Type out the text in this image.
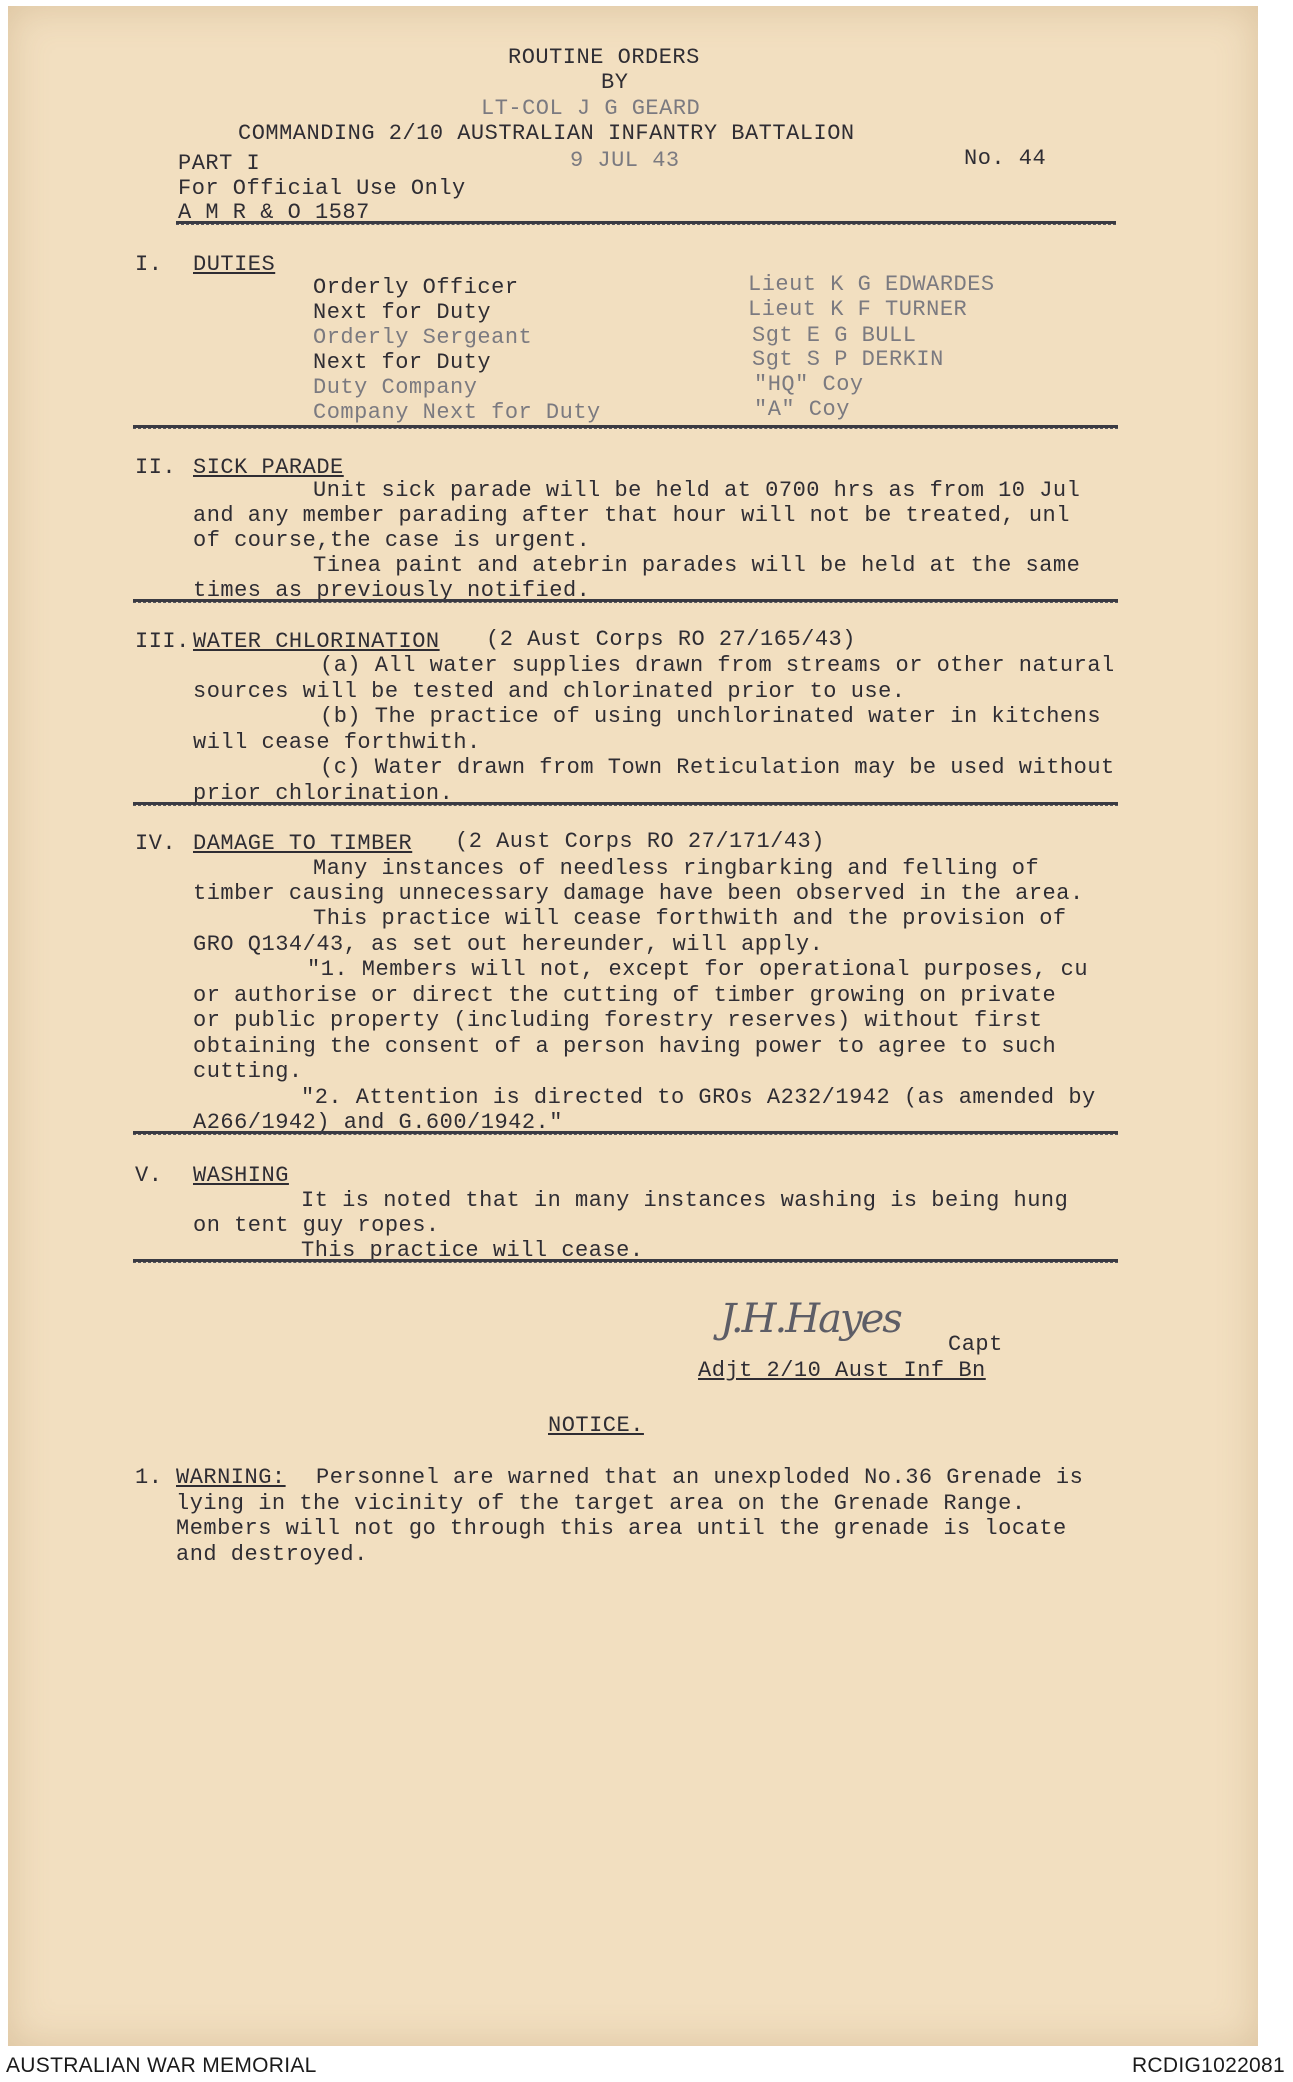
ROUTINE ORDERS
BY
LT-COL J G GEARD
COMMANDING 2/10 AUSTRALIAN INFANTRY BATTALION
PART I	9 JUL 43	No. 44
For Official Use Only
A M R & O 1587
I. DUTIES
Orderly Officer	Lieut K G EDWARDES
Next for Duty	Lieut K F TURNER
Orderly Sergeant	Sgt E G BULL
Next for Duty	Sgt S P DERKIN
Duty Company	"HQ" Coy
Company Next for Duty	"A" Coy
II. SICK PARADE
Unit sick parade will be held at 0700 hrs as from 10 Jul
and any member parading after that hour will not be treated, unl
of course,the case is urgent.
Tinea paint and atebrin parades will be held at the same
times as previously notified.
III. WATER CHLORINATION (2 Aust Corps RO 27/165/43)
(a) All water supplies drawn from streams or other natural
sources will be tested and chlorinated prior to use.
(b) The practice of using unchlorinated water in kitchens
will cease forthwith.
(c) Water drawn from Town Reticulation may be used without
prior chlorination.
IV. DAMAGE TO TIMBER (2 Aust Corps RO 27/171/43)
Many instances of needless ringbarking and felling of
timber causing unnecessary damage have been observed in the area.
This practice will cease forthwith and the provision of
GRO Q134/43, as set out hereunder, will apply.
"1. Members will not, except for operational purposes, cu
or authorise or direct the cutting of timber growing on private
or public property (including forestry reserves) without first
obtaining the consent of a person having power to agree to such
cutting.
"2. Attention is directed to GROs A232/1942 (as amended by
A266/1942) and G.600/1942."
V. WASHING
It is noted that in many instances washing is being hung
on tent guy ropes.
This practice will cease.
J.H.Hayes
Capt
Adjt 2/10 Aust Inf Bn
NOTICE.
1. WARNING: Personnel are warned that an unexploded No.36 Grenade is
lying in the vicinity of the target area on the Grenade Range.
Members will not go through this area until the grenade is locate
and destroyed.
AUSTRALIAN WAR MEMORIAL	RCDIG1022081
